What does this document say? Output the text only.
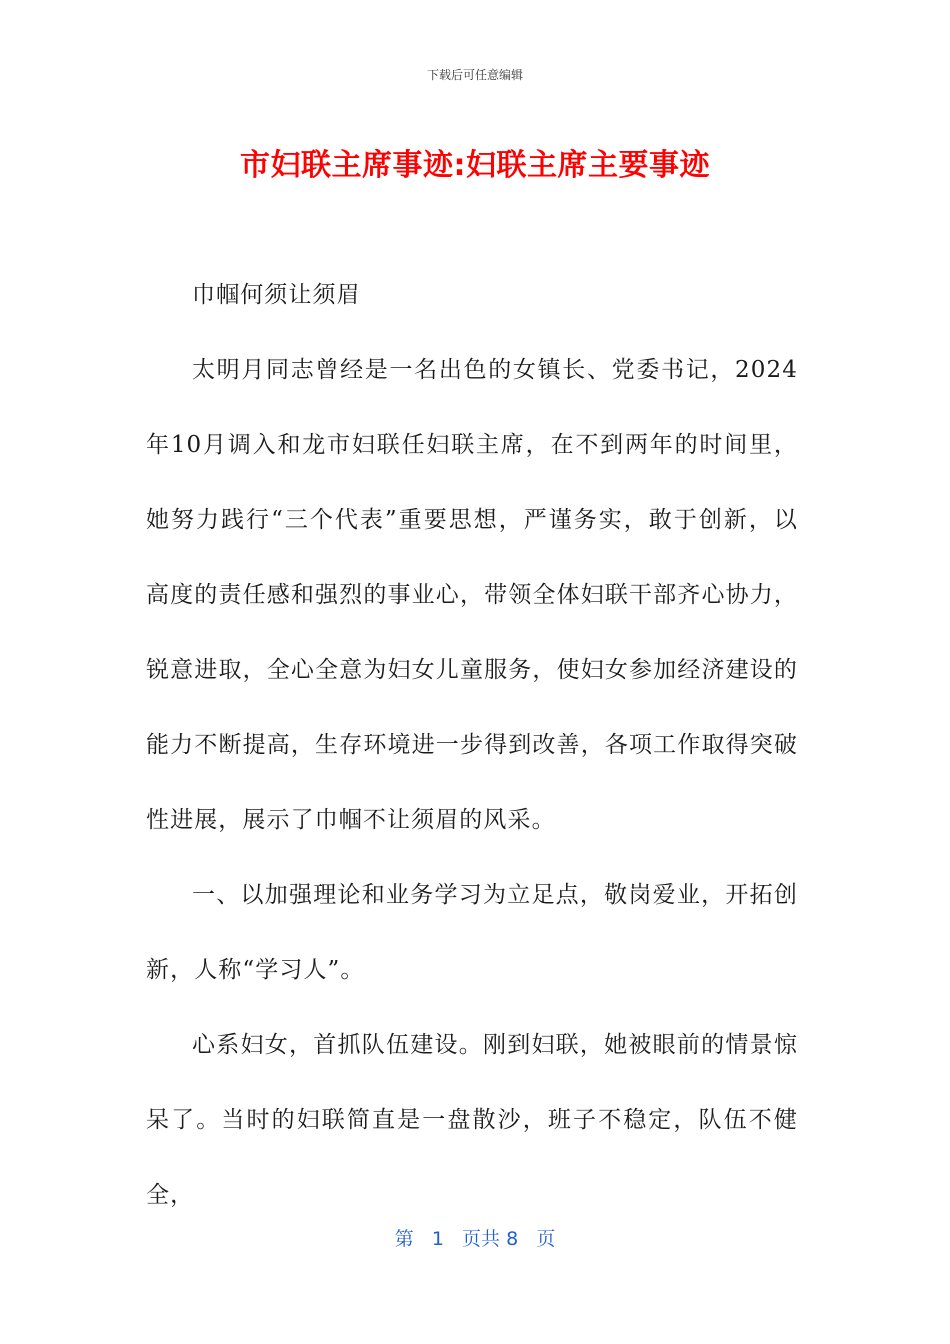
下载后可任意编辑
市妇联主席事迹:妇联主席主要事迹

巾帼何须让须眉

太明月同志曾经是一名出色的女镇长、党委书记，2024年10月调入和龙市妇联任妇联主席，在不到两年的时间里，她努力践行“三个代表”重要思想，严谨务实，敢于创新，以高度的责任感和强烈的事业心，带领全体妇联干部齐心协力，锐意进取，全心全意为妇女儿童服务，使妇女参加经济建设的能力不断提高，生存环境进一步得到改善，各项工作取得突破性进展，展示了巾帼不让须眉的风采。

一、以加强理论和业务学习为立足点，敬岗爱业，开拓创新，人称“学习人”。

心系妇女，首抓队伍建设。刚到妇联，她被眼前的情景惊呆了。当时的妇联简直是一盘散沙，班子不稳定，队伍不健全，

第 1 页共 8 页
